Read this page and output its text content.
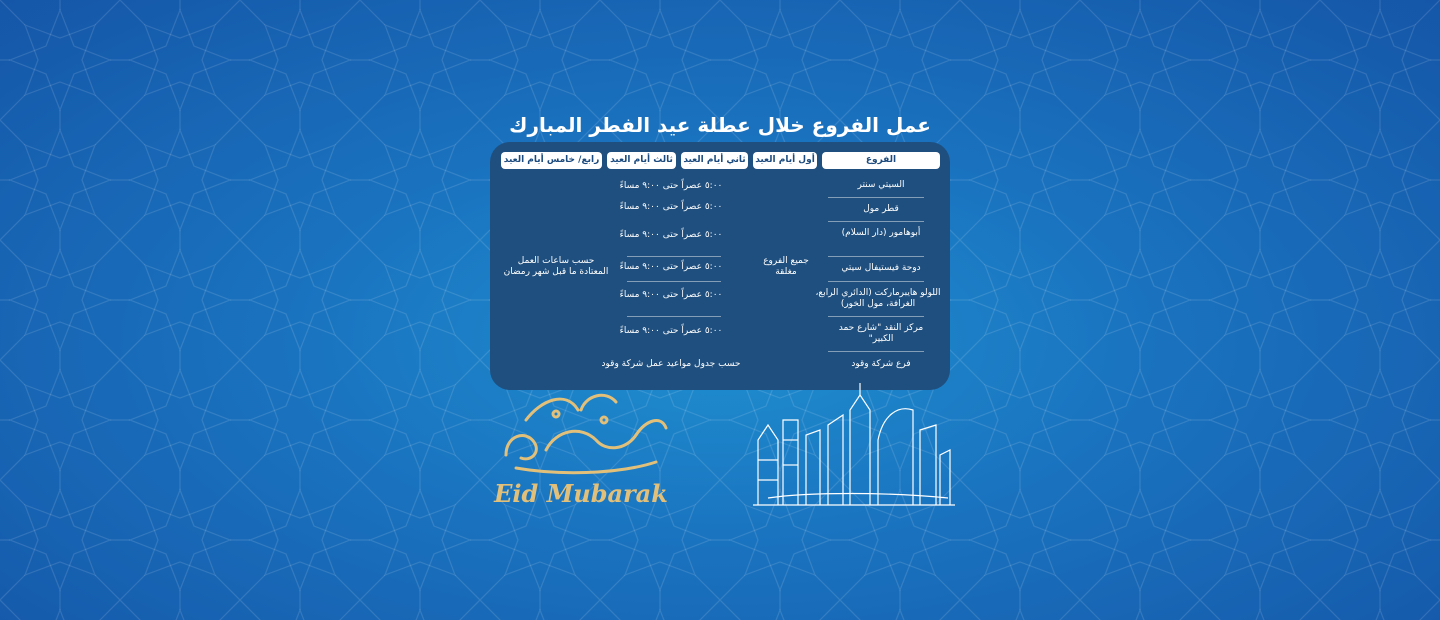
عمل الفروع خلال عطلة عيد الفطر المبارك
الفروع
أول أيام العيد
ثاني أيام العيد
ثالث أيام العيد
رابع/ خامس أيام العيد
السيتي سنتر
قطر مول
أبوهامور (دار السلام)
دوحة فيستيفال سيتي
اللولو هايبرماركت (الدائري الرابع، الغرافة، مول الخور)
مركز النقد "شارع حمد الكبير"
فرع شركة وقود
جميع الفروع مغلقة
٥:٠٠ عصراً حتى ٩:٠٠ مساءً
٥:٠٠ عصراً حتى ٩:٠٠ مساءً
٥:٠٠ عصراً حتى ٩:٠٠ مساءً
٥:٠٠ عصراً حتى ٩:٠٠ مساءً
٥:٠٠ عصراً حتى ٩:٠٠ مساءً
٥:٠٠ عصراً حتى ٩:٠٠ مساءً
حسب ساعات العمل المعتادة ما قبل شهر رمضان
حسب جدول مواعيد عمل شركة وقود
Eid Mubarak
